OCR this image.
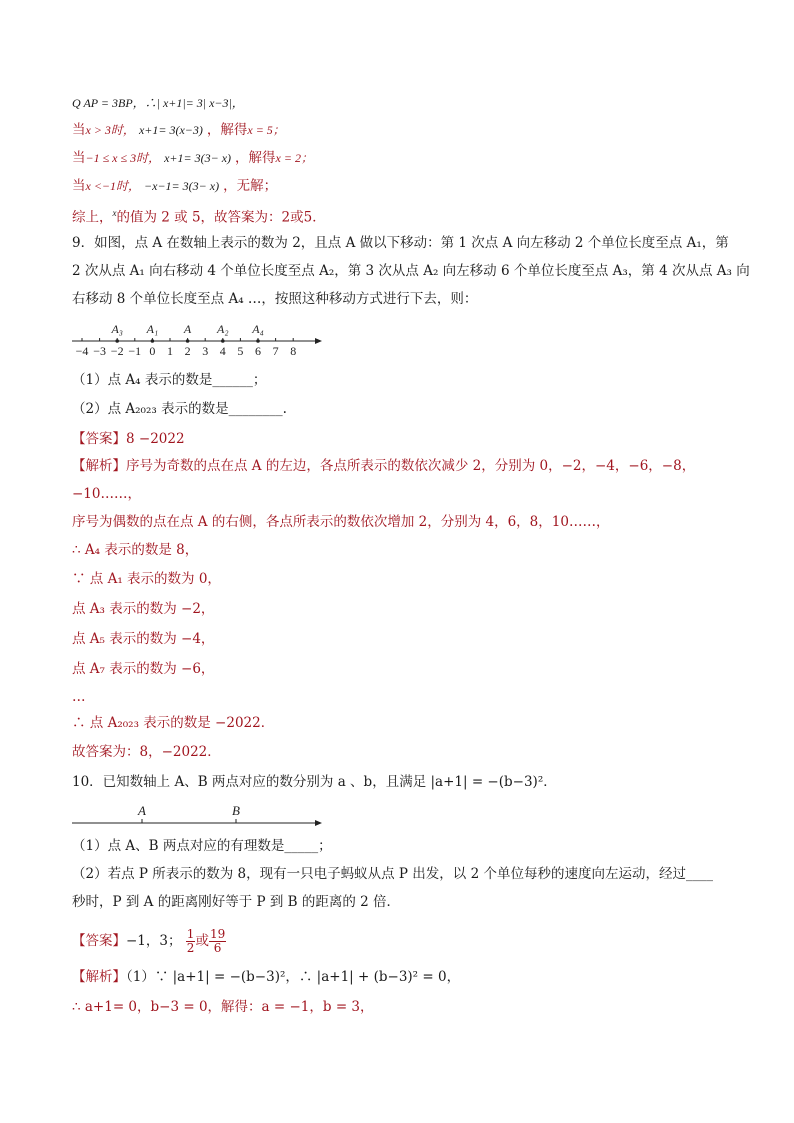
Q AP = 3BP，∴| x+1|= 3| x−3|，
当x > 3时， x+1= 3(x−3) ，解得x = 5；
当−1 ≤ x ≤ 3时， x+1= 3(3− x) ，解得x = 2；
当x <−1时， −x−1= 3(3− x) ，无解；
综上，$^x$的值为 2 或 5，故答案为：2或5．
9．如图，点 A 在数轴上表示的数为 2，且点 A 做以下移动：第 1 次点 A 向左移动 2 个单位长度至点 A₁，第
2 次从点 A₁ 向右移动 4 个单位长度至点 A₂，第 3 次从点 A₂ 向左移动 6 个单位长度至点 A₃，第 4 次从点 A₃ 向
右移动 8 个单位长度至点 A₄ …，按照这种移动方式进行下去，则：
−4 −3 −2 −1 0 1 2 3 4 5 6 7 8
A₃ A₁ A A₂ A₄
（1）点 A₄ 表示的数是______；
（2）点 A₂₀₂₃ 表示的数是________.
【答案】8 −2022
【解析】序号为奇数的点在点 A 的左边，各点所表示的数依次减少 2，分别为 0，−2，−4，−6，−8，
−10……，
序号为偶数的点在点 A 的右侧，各点所表示的数依次增加 2，分别为 4，6，8，10……，
∴ A₄ 表示的数是 8，
∵ 点 A₁ 表示的数为 0，
点 A₃ 表示的数为 −2，
点 A₅ 表示的数为 −4，
点 A₇ 表示的数为 −6，
…
∴ 点 A₂₀₂₃ 表示的数是 −2022．
故答案为：8，−2022．
10．已知数轴上 A、B 两点对应的数分别为 a 、b，且满足 |a+1| = −(b−3)²．
A	B
（1）点 A、B 两点对应的有理数是_____；
（2）若点 P 所表示的数为 8，现有一只电子蚂蚁从点 P 出发，以 2 个单位每秒的速度向左运动，经过____
秒时，P 到 A 的距离刚好等于 P 到 B 的距离的 2 倍．
【答案】−1，3； $\frac{1}{2}$ 或 $\frac{19}{6}$
【解析】（1）∵ |a+1| = −(b−3)²，∴ |a+1| + (b−3)² = 0，
∴ a+1= 0，b−3 = 0，解得：a = −1，b = 3，
